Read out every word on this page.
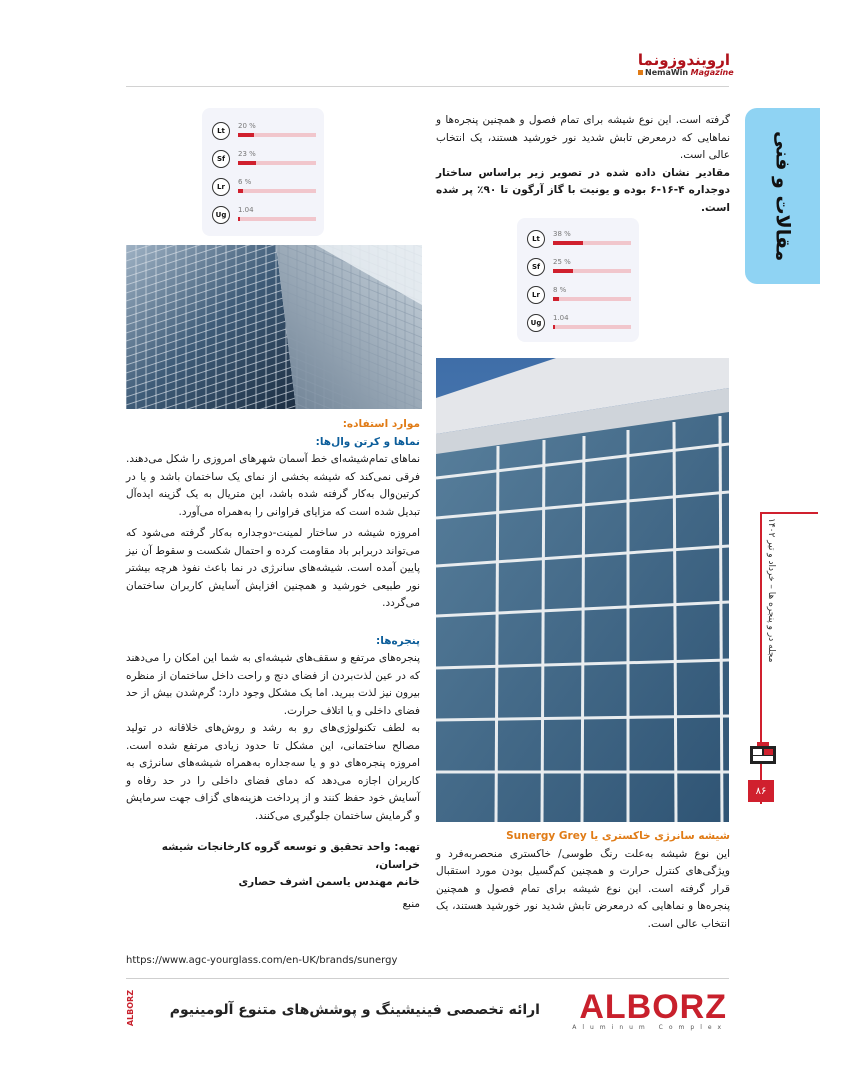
ارویندوزونما
NemaWin Magazine
مقالات و فنی
مجله در و پنجره ها – خرداد و تیر ۱۴۰۲
۸۶
Lt
20 %
Sf
23 %
Lr
6 %
Ug
1.04
گرفته است. این نوع شیشه برای تمام فصول و همچنین پنجره‌ها و نماهایی که درمعرض تابش شدید نور خورشید هستند، یک انتخاب عالی است.
مقادیر نشان داده شده در تصویر زیر براساس ساختار دوجداره ۴-۱۶-۶ بوده و یونیت با گاز آرگون تا ۹۰٪ پر شده است.
Lt
38 %
Sf
25 %
Lr
8 %
Ug
1.04
موارد استفاده:
نماها و کرتن وال‌ها:
نماهای تمام‌شیشه‌ای خط آسمان شهرهای امروزی را شکل می‌دهند. فرقی نمی‌کند که شیشه بخشی از نمای یک ساختمان باشد و یا در کرتین‌وال به‌کار گرفته شده باشد، این متریال به یک گزینه ایده‌آل تبدیل شده است که مزایای فراوانی را به‌همراه می‌آورد.
امروزه شیشه در ساختار لمینت-دوجداره به‌کار گرفته می‌شود که می‌تواند دربرابر باد مقاومت کرده و احتمال شکست و سقوط آن نیز پایین آمده است. شیشه‌های سانرژی در نما باعث نفوذ هرچه بیشتر نور طبیعی خورشید و همچنین افزایش آسایش کاربران ساختمان می‌گردد.
پنجره‌ها:
پنجره‌های مرتفع و سقف‌های شیشه‌ای به شما این امکان را می‌دهند که در عین لذت‌بردن از فضای دنج و راحت داخل ساختمان از منظره بیرون نیز لذت ببرید. اما یک مشکل وجود دارد: گرم‌شدن بیش از حد فضای داخلی و یا اتلاف حرارت.
به لطف تکنولوژی‌های رو به رشد و روش‌های خلاقانه در تولید مصالح ساختمانی، این مشکل تا حدود زیادی مرتفع شده است. امروزه پنجره‌های دو و یا سه‌جداره به‌همراه شیشه‌های سانرژی به کاربران اجازه می‌دهد که دمای فضای داخلی را در حد رفاه و آسایش خود حفظ کنند و از پرداخت هزینه‌های گزاف جهت سرمایش و گرمایش ساختمان جلوگیری می‌کنند.
تهیه: واحد تحقیق و توسعه گروه کارخانجات شیشه خراسان،
خانم مهندس یاسمن اشرف حصاری
منبع
شیشه سانرژی خاکستری یا Sunergy Grey
این نوع شیشه به‌علت رنگ طوسی/ خاکستری منحصربه‌فرد و ویژگی‌های کنترل حرارت و همچنین کم‌گسیل بودن مورد استقبال قرار گرفته است. این نوع شیشه برای تمام فصول و همچنین پنجره‌ها و نماهایی که درمعرض تابش شدید نور خورشید هستند، یک انتخاب عالی است.
https://www.agc-yourglass.com/en-UK/brands/sunergy
ALBORZ ارائه تخصصی فینیشینگ و پوشش‌های متنوع آلومینیوم	ALBORZ
Aluminum Complex
